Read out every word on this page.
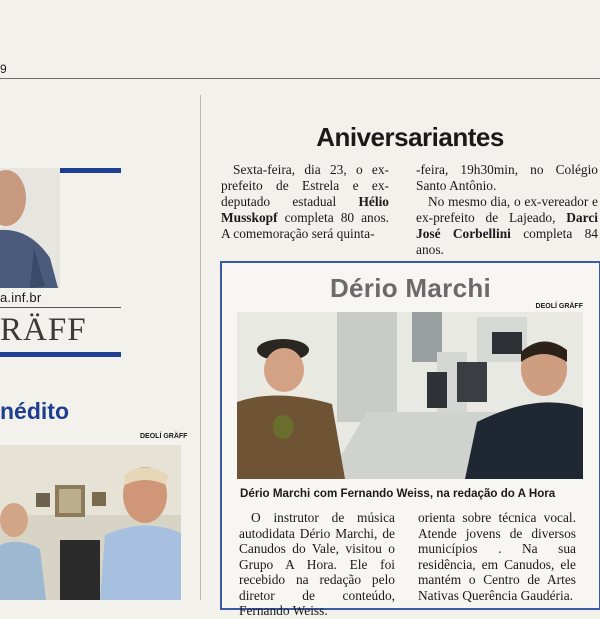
9
a.inf.br
RÄFF
nédito
DEOLÍ GRÄFF
Aniversariantes

Sexta-feira, dia 23, o ex-prefeito de Estrela e ex-deputado estadual Hélio Musskopf completa 80 anos. A comemoração será quinta-

-feira, 19h30min, no Colégio Santo Antônio.

No mesmo dia, o ex-vereador e ex-prefeito de Lajeado, Darci José Corbellini completa 84 anos.

Dério Marchi
DEOLÍ GRÄFF
Dério Marchi com Fernando Weiss, na redação do A Hora

O instrutor de música autodidata Dério Marchi, de Canudos do Vale, visitou o Grupo A Hora. Ele foi recebido na redação pelo diretor de conteúdo, Fernando Weiss.

orienta sobre técnica vocal. Atende jovens de diversos municípios . Na sua residência, em Canudos, ele mantém o Centro de Artes Nativas Querência Gaudéria.
